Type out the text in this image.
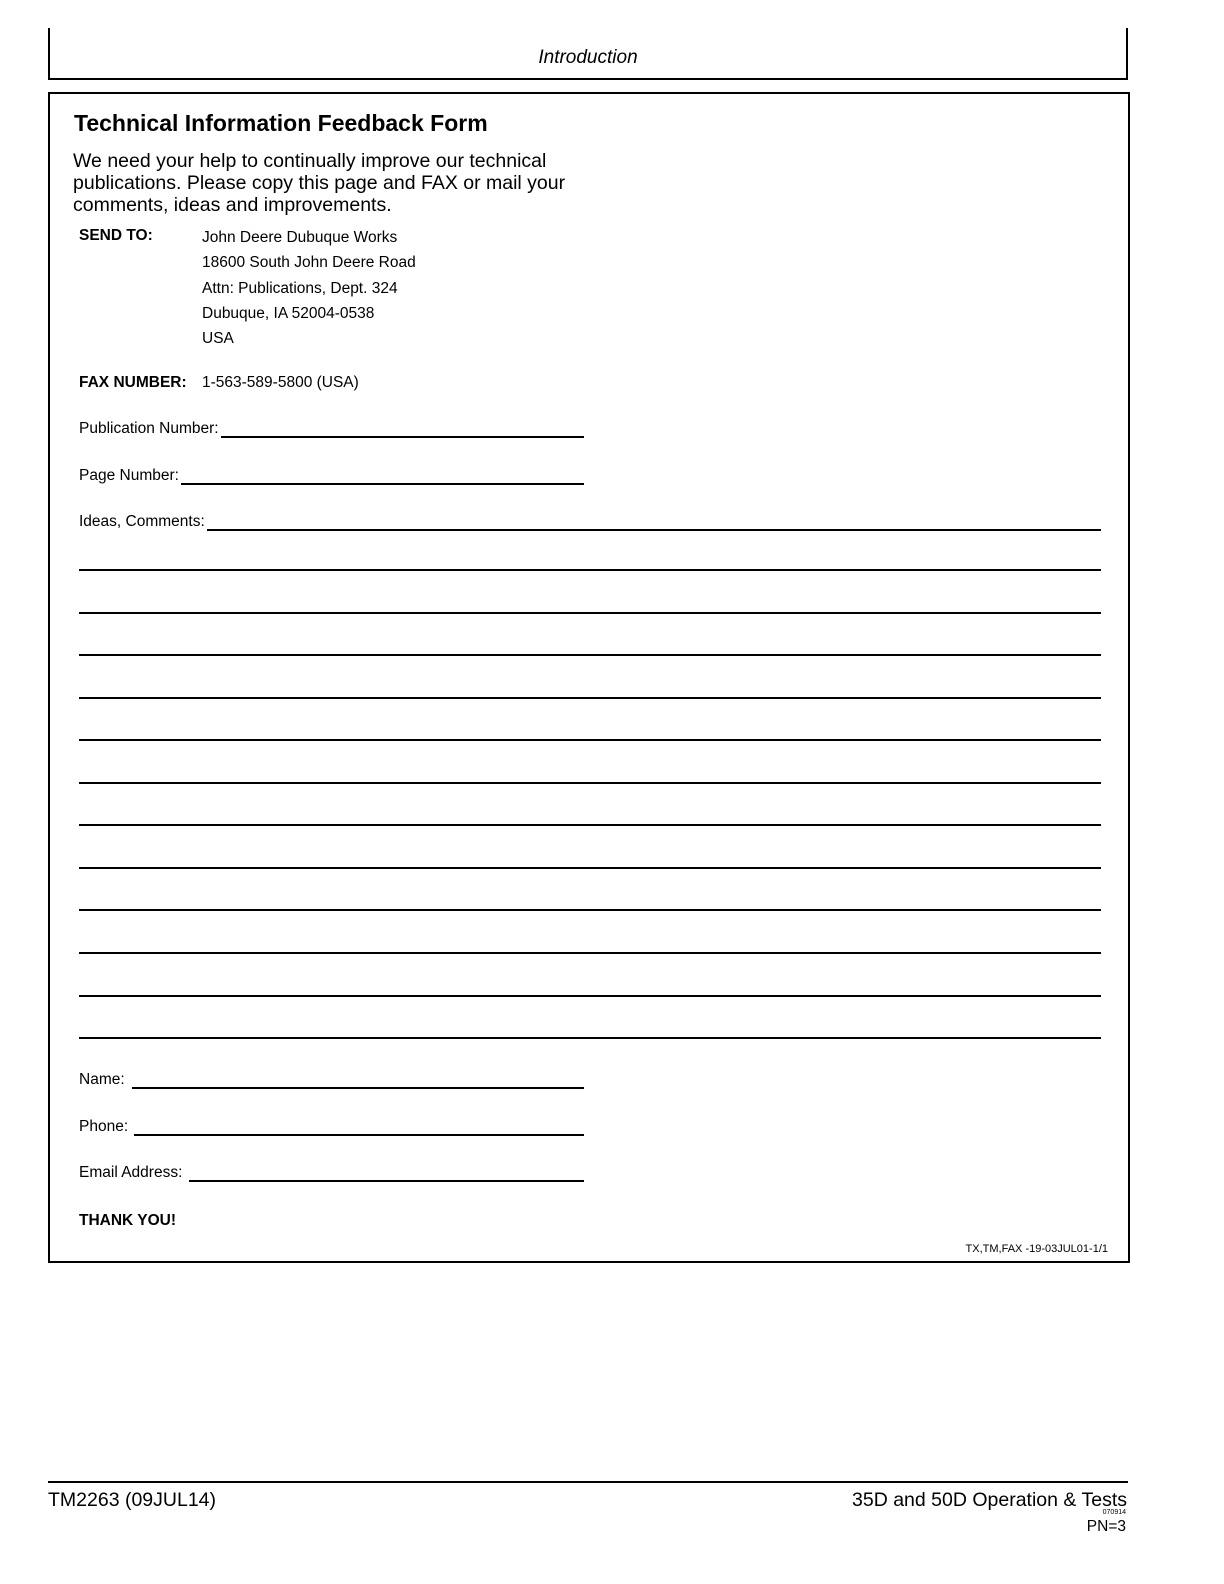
Introduction
Technical Information Feedback Form
We need your help to continually improve our technical publications. Please copy this page and FAX or mail your comments, ideas and improvements.
SEND TO:	John Deere Dubuque Works
18600 South John Deere Road
Attn: Publications, Dept. 324
Dubuque, IA 52004-0538
USA
FAX NUMBER: 1-563-589-5800 (USA)
Publication Number:
Page Number:
Ideas, Comments:
Name:
Phone:
Email Address:
THANK YOU!
TX,TM,FAX -19-03JUL01-1/1
TM2263 (09JUL14)	35D and 50D Operation & Tests
070914
PN=3
